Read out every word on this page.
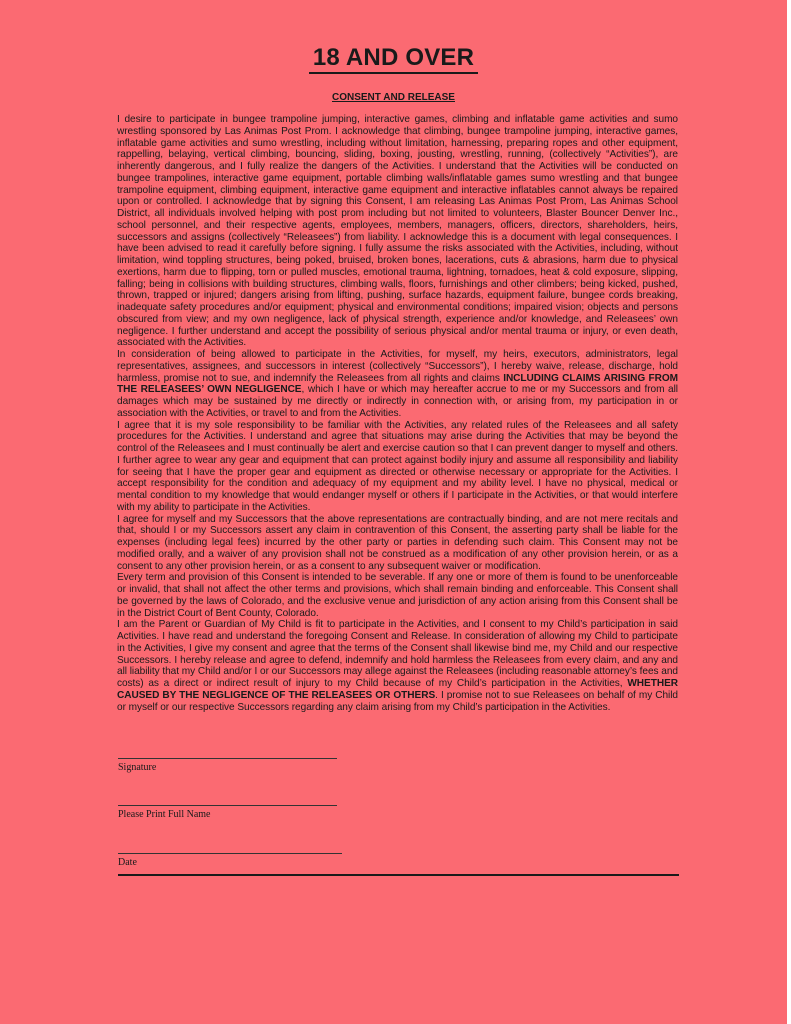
18 AND OVER
CONSENT AND RELEASE

I desire to participate in bungee trampoline jumping, interactive games, climbing and inflatable game activities and sumo wrestling sponsored by Las Animas Post Prom. I acknowledge that climbing, bungee trampoline jumping, interactive games, inflatable game activities and sumo wrestling, including without limitation, harnessing, preparing ropes and other equipment, rappelling, belaying, vertical climbing, bouncing, sliding, boxing, jousting, wrestling, running, (collectively “Activities”), are inherently dangerous, and I fully realize the dangers of the Activities. I understand that the Activities will be conducted on bungee trampolines, interactive game equipment, portable climbing walls/inflatable games sumo wrestling and that bungee trampoline equipment, climbing equipment, interactive game equipment and interactive inflatables cannot always be repaired upon or controlled. I acknowledge that by signing this Consent, I am releasing Las Animas Post Prom, Las Animas School District, all individuals involved helping with post prom including but not limited to volunteers, Blaster Bouncer Denver Inc., school personnel, and their respective agents, employees, members, managers, officers, directors, shareholders, heirs, successors and assigns (collectively “Releasees”) from liability. I acknowledge this is a document with legal consequences. I have been advised to read it carefully before signing. I fully assume the risks associated with the Activities, including, without limitation, wind toppling structures, being poked, bruised, broken bones, lacerations, cuts & abrasions, harm due to physical exertions, harm due to flipping, torn or pulled muscles, emotional trauma, lightning, tornadoes, heat & cold exposure, slipping, falling; being in collisions with building structures, climbing walls, floors, furnishings and other climbers; being kicked, pushed, thrown, trapped or injured; dangers arising from lifting, pushing, surface hazards, equipment failure, bungee cords breaking, inadequate safety procedures and/or equipment; physical and environmental conditions; impaired vision; objects and persons obscured from view; and my own negligence, lack of physical strength, experience and/or knowledge, and Releasees’ own negligence. I further understand and accept the possibility of serious physical and/or mental trauma or injury, or even death, associated with the Activities.

In consideration of being allowed to participate in the Activities, for myself, my heirs, executors, administrators, legal representatives, assignees, and successors in interest (collectively “Successors”), I hereby waive, release, discharge, hold harmless, promise not to sue, and indemnify the Releasees from all rights and claims INCLUDING CLAIMS ARISING FROM THE RELEASEES’ OWN NEGLIGENCE, which I have or which may hereafter accrue to me or my Successors and from all damages which may be sustained by me directly or indirectly in connection with, or arising from, my participation in or association with the Activities, or travel to and from the Activities.

I agree that it is my sole responsibility to be familiar with the Activities, any related rules of the Releasees and all safety procedures for the Activities. I understand and agree that situations may arise during the Activities that may be beyond the control of the Releasees and I must continually be alert and exercise caution so that I can prevent danger to myself and others. I further agree to wear any gear and equipment that can protect against bodily injury and assume all responsibility and liability for seeing that I have the proper gear and equipment as directed or otherwise necessary or appropriate for the Activities. I accept responsibility for the condition and adequacy of my equipment and my ability level. I have no physical, medical or mental condition to my knowledge that would endanger myself or others if I participate in the Activities, or that would interfere with my ability to participate in the Activities.

I agree for myself and my Successors that the above representations are contractually binding, and are not mere recitals and that, should I or my Successors assert any claim in contravention of this Consent, the asserting party shall be liable for the expenses (including legal fees) incurred by the other party or parties in defending such claim. This Consent may not be modified orally, and a waiver of any provision shall not be construed as a modification of any other provision herein, or as a consent to any other provision herein, or as a consent to any subsequent waiver or modification.

Every term and provision of this Consent is intended to be severable. If any one or more of them is found to be unenforceable or invalid, that shall not affect the other terms and provisions, which shall remain binding and enforceable. This Consent shall be governed by the laws of Colorado, and the exclusive venue and jurisdiction of any action arising from this Consent shall be in the District Court of Bent County, Colorado.

I am the Parent or Guardian of My Child is fit to participate in the Activities, and I consent to my Child’s participation in said Activities. I have read and understand the foregoing Consent and Release. In consideration of allowing my Child to participate in the Activities, I give my consent and agree that the terms of the Consent shall likewise bind me, my Child and our respective Successors. I hereby release and agree to defend, indemnify and hold harmless the Releasees from every claim, and any and all liability that my Child and/or I or our Successors may allege against the Releasees (including reasonable attorney’s fees and costs) as a direct or indirect result of injury to my Child because of my Child’s participation in the Activities, WHETHER CAUSED BY THE NEGLIGENCE OF THE RELEASEES OR OTHERS. I promise not to sue Releasees on behalf of my Child or myself or our respective Successors regarding any claim arising from my Child’s participation in the Activities.

Signature
Please Print Full Name
Date
